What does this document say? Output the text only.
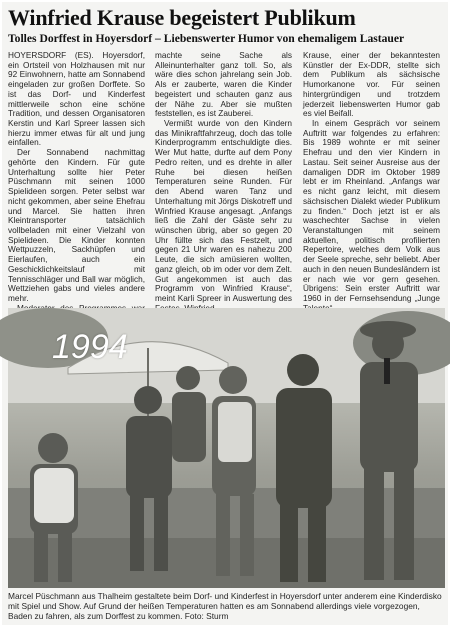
Winfried Krause begeistert Publikum
Tolles Dorffest in Hoyersdorf – Liebenswerter Humor von ehemaligem Lastauer

HOYERSDORF (ES). Hoyersdorf, ein Ortsteil von Holzhausen mit nur 92 Einwohnern, hatte am Sonnabend eingeladen zur großen Dorffete. So ist das Dorf- und Kinderfest mittlerweile schon eine schöne Tradition, und dessen Organisatoren Kerstin und Karl Spreer lassen sich hierzu immer etwas für alt und jung einfallen.

Der Sonnabend nachmittag gehörte den Kindern. Für gute Unterhaltung sollte hier Peter Püschmann mit seinen 1000 Spielideen sorgen. Peter selbst war nicht gekommen, aber seine Ehefrau und Marcel. Sie hatten ihren Kleintransporter tatsächlich vollbeladen mit einer Vielzahl von Spielideen. Die Kinder konnten Wettpuzzeln, Sackhüpfen und Eierlaufen, auch ein Geschicklichkeitslauf mit Tennisschläger und Ball war möglich, Wettziehen gabs und vieles andere mehr.

machte seine Sache als Alleinunterhalter ganz toll. So, als wäre dies schon jahrelang sein Job. Als er zauberte, waren die Kinder begeistert und schauten ganz aus der Nähe zu. Aber sie mußten feststellen, es ist Zauberei.

Vermißt wurde von den Kindern das Minikraftfahrzeug, doch das tolle Kinderprogramm entschuldigte dies. Wer Mut hatte, durfte auf dem Pony Pedro reiten, und es drehte in aller Ruhe bei diesen heißen Temperaturen seine Runden. Für den Abend waren Tanz und Unterhaltung mit Jörgs Diskotreff und Winfried Krause angesagt. „Anfangs ließ die Zahl der Gäste sehr zu wünschen übrig, aber so gegen 20 Uhr füllte sich das Festzelt, und gegen 21 Uhr waren es nahezu 200 Leute, die sich amüsieren wollten, ganz gleich, ob im oder vor dem Zelt. Gut angekommen ist auch das Programm von Winfried Krause“, meint Karli Spreer in Auswertung des

Krause, einer der bekanntesten Künstler der Ex-DDR, stellte sich dem Publikum als sächsische Humorkanone vor. Für seinen hintergründigen und trotzdem jederzeit liebenswerten Humor gab es viel Beifall.

In einem Gespräch vor seinem Auftritt war folgendes zu erfahren: Bis 1989 wohnte er mit seiner Ehefrau und den vier Kindern in Lastau. Seit seiner Ausreise aus der damaligen DDR im Oktober 1989 lebt er im Rheinland. „Anfangs war es nicht ganz leicht, mit diesem sächsischen Dialekt wieder Publikum zu finden.“ Doch jetzt ist er als waschechter Sachse in vielen Veranstaltungen mit seinem aktuellen, politisch profilierten Repertoire, welches dem Volk aus der Seele spreche, sehr beliebt. Aber auch in den neuen Bundesländern ist er nach wie vor gern gesehen. Übrigens: Sein erster Auftritt war 1960 in der Fernsehsendung „Junge

1994

Marcel Püschmann aus Thalheim gestaltete beim Dorf- und Kinderfest in Hoyersdorf unter anderem eine Kinderdisko mit Spiel und Show. Auf Grund der heißen Temperaturen hatten es am Sonnabend allerdings viele vorgezogen, Baden zu fahren, als zum Dorffest zu kommen. Foto: Sturm
